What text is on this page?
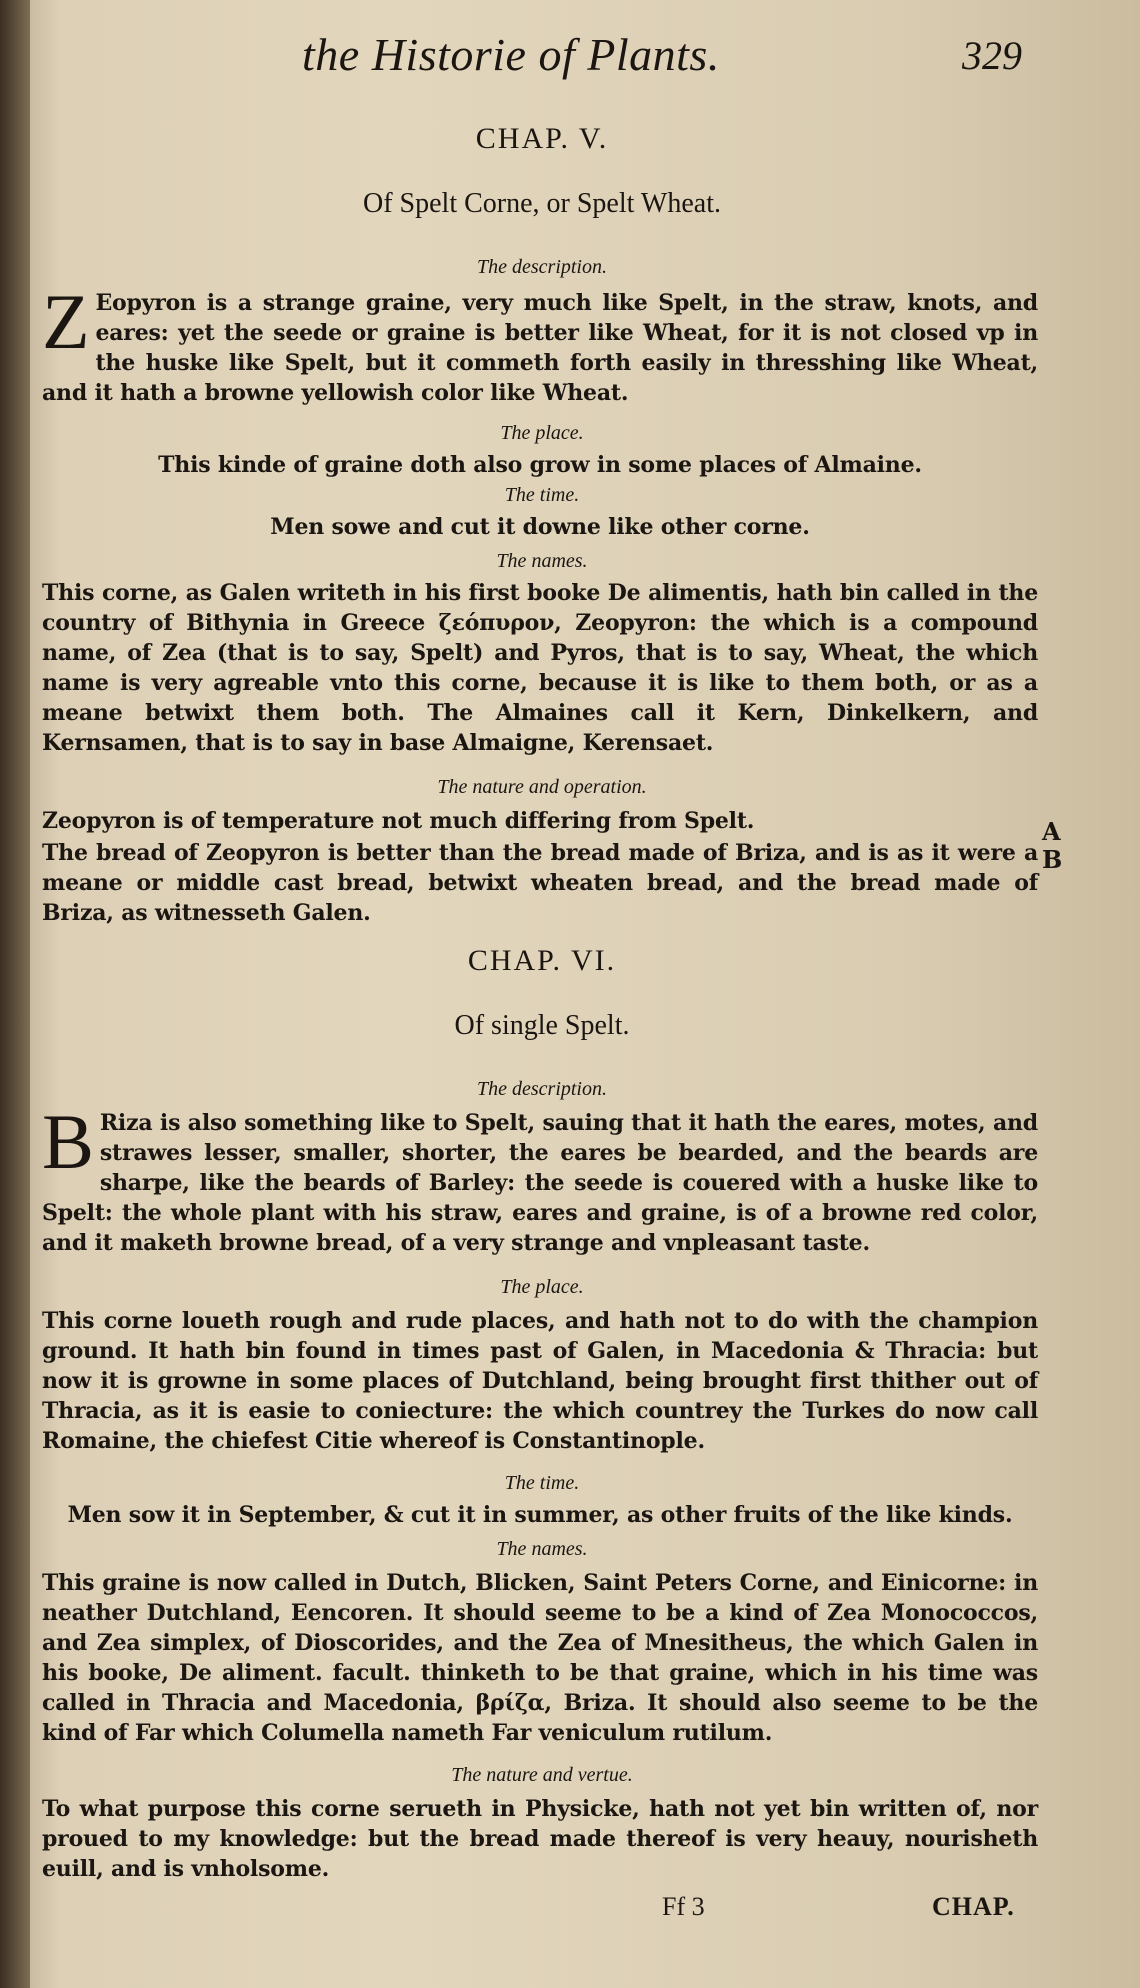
the Historie of Plants.	329
CHAP. V.
Of Spelt Corne, or Spelt Wheat.
The description.

Z Eopyron is a strange graine, very much like Spelt, in the straw, knots, and eares: yet the seede or graine is better like Wheat, for it is not closed vp in the huske like Spelt, but it commeth forth easily in thresshing like Wheat, and it hath a browne yellowish color like Wheat.

The place.

This kinde of graine doth also grow in some places of Almaine.

The time.

Men sowe and cut it downe like other corne.

The names.

This corne, as Galen writeth in his first booke De alimentis, hath bin called in the country of Bithynia in Greece ζεόπυρον, Zeopyron: the which is a compound name, of Zea (that is to say, Spelt) and Pyros, that is to say, Wheat, the which name is very agreable vnto this corne, because it is like to them both, or as a meane betwixt them both. The Almaines call it Kern, Dinkelkern, and Kernsamen, that is to say in base Almaigne, Kerensaet.

The nature and operation.

Zeopyron is of temperature not much differing from Spelt.

The bread of Zeopyron is better than the bread made of Briza, and is as it were a meane or middle cast bread, betwixt wheaten bread, and the bread made of Briza, as witnesseth Galen.

A
B
CHAP. VI.
Of single Spelt.
The description.

B Riza is also something like to Spelt, sauing that it hath the eares, motes, and strawes lesser, smaller, shorter, the eares be bearded, and the beards are sharpe, like the beards of Barley: the seede is couered with a huske like to Spelt: the whole plant with his straw, eares and graine, is of a browne red color, and it maketh browne bread, of a very strange and vnpleasant taste.

The place.

This corne loueth rough and rude places, and hath not to do with the champion ground. It hath bin found in times past of Galen, in Macedonia & Thracia: but now it is growne in some places of Dutchland, being brought first thither out of Thracia, as it is easie to coniecture: the which countrey the Turkes do now call Romaine, the chiefest Citie whereof is Constantinople.

The time.

Men sow it in September, & cut it in summer, as other fruits of the like kinds.

The names.

This graine is now called in Dutch, Blicken, Saint Peters Corne, and Einicorne: in neather Dutchland, Eencoren. It should seeme to be a kind of Zea Monococcos, and Zea simplex, of Dioscorides, and the Zea of Mnesitheus, the which Galen in his booke, De aliment. facult. thinketh to be that graine, which in his time was called in Thracia and Macedonia, βρίζα, Briza. It should also seeme to be the kind of Far which Columella nameth Far veniculum rutilum.

The nature and vertue.

To what purpose this corne serueth in Physicke, hath not yet bin written of, nor proued to my knowledge: but the bread made thereof is very heauy, nourisheth euill, and is vnholsome.

Ff 3	CHAP.
